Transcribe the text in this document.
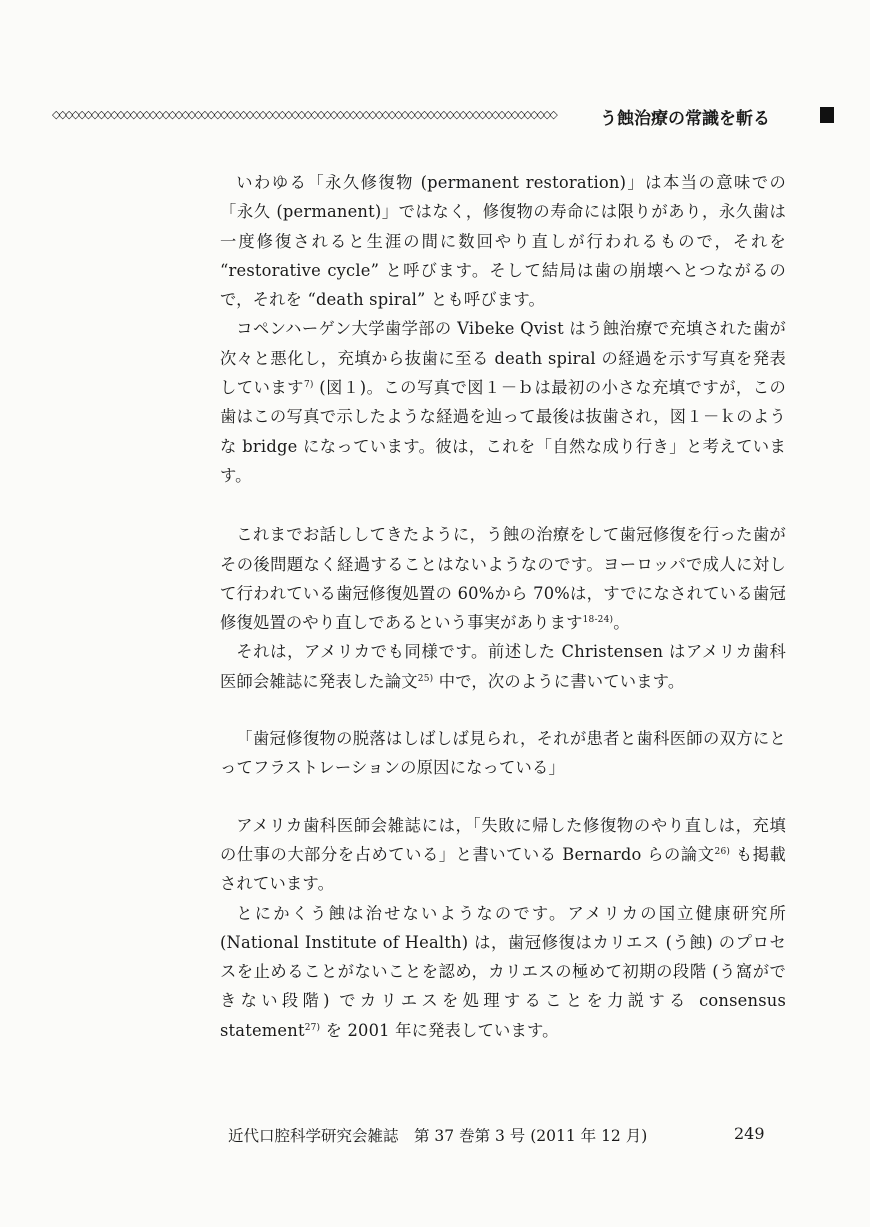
◇◇◇◇◇◇◇◇◇◇◇◇◇◇◇◇◇◇◇◇◇◇◇◇◇◇◇◇◇◇◇◇◇◇◇◇◇◇◇◇◇◇◇◇◇◇◇◇◇◇◇◇◇◇◇◇◇◇◇◇◇◇◇◇◇◇◇◇◇◇◇◇◇◇◇◇◇◇	う蝕治療の常識を斬る

いわゆる「永久修復物 (permanent restoration)」は本当の意味での「永久 (permanent)」ではなく，修復物の寿命には限りがあり，永久歯は一度修復されると生涯の間に数回やり直しが行われるもので，それを “restorative cycle” と呼びます。そして結局は歯の崩壊へとつながるので，それを “death spiral” とも呼びます。

コペンハーゲン大学歯学部の Vibeke Qvist はう蝕治療で充填された歯が次々と悪化し，充填から抜歯に至る death spiral の経過を示す写真を発表しています$^{7)}$ (図１)。この写真で図１－ｂは最初の小さな充填ですが，この歯はこの写真で示したような経過を辿って最後は抜歯され，図１－ｋのような bridge になっています。彼は，これを「自然な成り行き」と考えています。

これまでお話ししてきたように，う蝕の治療をして歯冠修復を行った歯がその後問題なく経過することはないようなのです。ヨーロッパで成人に対して行われている歯冠修復処置の 60%から 70%は，すでになされている歯冠修復処置のやり直しであるという事実があります$^{18-24)}$。

それは，アメリカでも同様です。前述した Christensen はアメリカ歯科医師会雑誌に発表した論文$^{25)}$ 中で，次のように書いています。

「歯冠修復物の脱落はしばしば見られ，それが患者と歯科医師の双方にとってフラストレーションの原因になっている」

アメリカ歯科医師会雑誌には，「失敗に帰した修復物のやり直しは，充填の仕事の大部分を占めている」と書いている Bernardo らの論文$^{26)}$ も掲載されています。

とにかくう蝕は治せないようなのです。アメリカの国立健康研究所(National Institute of Health) は，歯冠修復はカリエス (う蝕) のプロセスを止めることがないことを認め，カリエスの極めて初期の段階 (う窩ができない段階) でカリエスを処理することを力説する consensus statement$^{27)}$ を 2001 年に発表しています。

近代口腔科学研究会雑誌　第 37 巻第 3 号 (2011 年 12 月)	249
